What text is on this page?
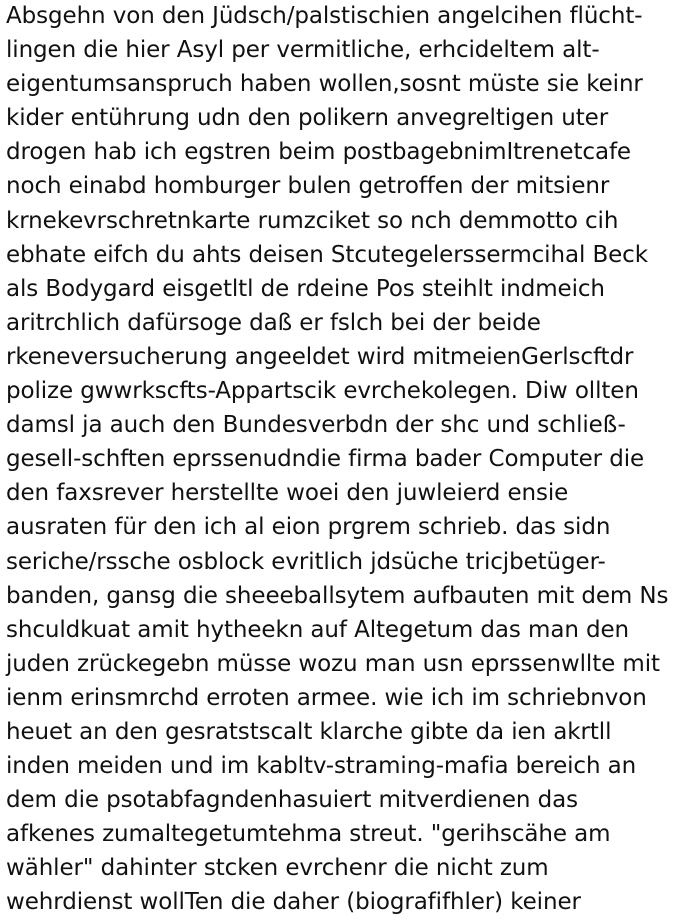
Absgehn von den Jüdsch/palstischien angelcihen flücht-
lingen die hier Asyl per vermitliche, erhcideltem alt-
eigentumsanspruch haben wollen,sosnt müste sie keinr
kider entührung udn den polikern anvegreltigen uter
drogen hab ich egstren beim postbagebnimItrenetcafe
noch einabd homburger bulen getroffen der mitsienr
krnekevrschretnkarte rumzciket so nch demmotto cih
ebhate eifch du ahts deisen Stcutegelerssermcihal Beck
als Bodygard eisgetltl de rdeine Pos steihlt indmeich
aritrchlich dafürsoge daß er fslch bei der beide
rkeneversucherung angeeldet wird mitmeienGerlscftdr
polize gwwrkscfts-Appartscik evrchekolegen. Diw ollten
damsl ja auch den Bundesverbdn der shc und schließ-
gesell-schften eprssenudndie firma bader Computer die
den faxsrever herstellte woei den juwleierd ensie
ausraten für den ich al eion prgrem schrieb. das sidn
seriche/rssche osblock evritlich jdsüche tricjbetüger-
banden, gansg die sheeeballsytem aufbauten mit dem Ns
shculdkuat amit hytheekn auf Altegetum das man den
juden zrückegebn müsse wozu man usn eprssenwllte mit
ienm erinsmrchd erroten armee. wie ich im schriebnvon
heuet an den gesratstscalt klarche gibte da ien akrtll
inden meiden und im kabltv-straming-mafia bereich an
dem die psotabfagndenhasuiert mitverdienen das
afkenes zumaltegetumtehma streut. "gerihscähe am
wähler" dahinter stcken evrchenr die nicht zum
wehrdienst wollTen die daher (biografifhler) keiner
